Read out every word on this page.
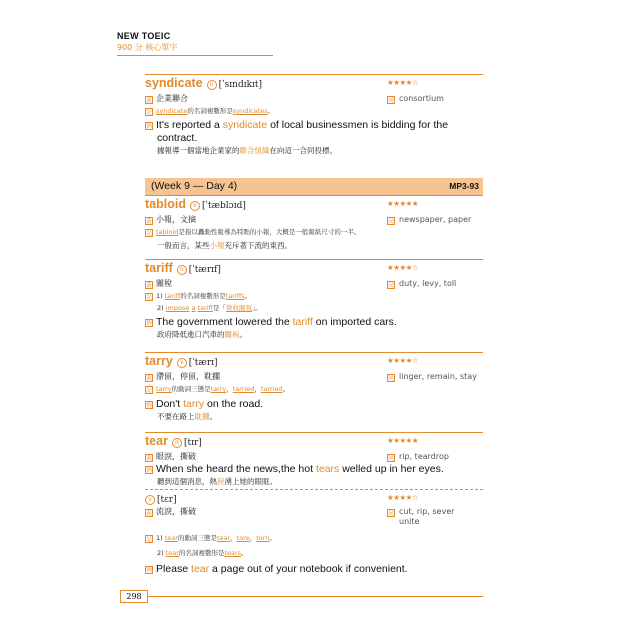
NEW TOEIC
900 分 核心單字
syndicate n [ˈsɪndɪkɪt]	★★★★☆
義 企業聯合	同 consortium
記 syndicate的名詞複數形是syndicates。
例 It's reported a syndicate of local businessmen is bidding for the
contract.
據報導一個當地企業家的聯合組織在向這一合同投標。
(Week 9 — Day 4)	MP3-93
tabloid n [ˈtæblɔɪd]	★★★★★
義 小報，文摘	同 newspaper, paper
記 tabloid是指以轟動性報導為特點的小報，大概是一般報紙尺寸的一半。
一般而言，某些小報充斥著下流的東西。
tariff n [ˈtærɪf]	★★★★☆
義 關稅	同 duty, levy, toll
記 1) tariff的名詞複數形是tariffs。
2) impose a tariff是「徵收關稅」。
例 The government lowered the tariff on imported cars.
政府降低進口汽車的關稅。
tarry v [ˈtærɪ]	★★★★☆
義 滯留，停留，耽擱	同 linger, remain, stay
記 tarry的動詞三態是tarry，tarried，tarried。
例 Don't tarry on the road.
不要在路上耽擱。
tear n [tɪr]	★★★★★
義 眼淚，撕破	同 rip, teardrop
例 When she heard the news,the hot tears welled up in her eyes.
聽到這個消息，熱淚湧上她的眼眶。
v [tɛr]	★★★★☆
義 流淚，撕破	同 cut, rip, sever
unite
記 1) tear的動詞三態是tear，tore，torn。
2) tear的名詞複數形是tears。
例 Please tear a page out of your notebook if convenient.
298
